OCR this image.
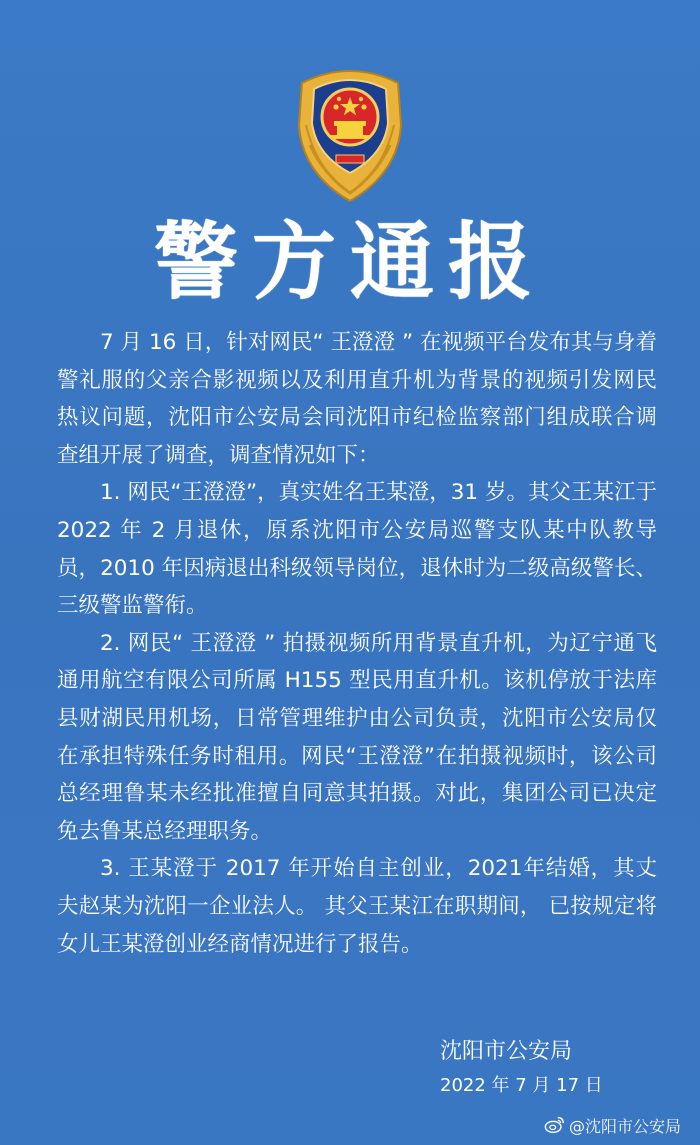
警方通报

7 月 16 日，针对网民“ 王澄澄 ” 在视频平台发布其与身着警礼服的父亲合影视频以及利用直升机为背景的视频引发网民热议问题，沈阳市公安局会同沈阳市纪检监察部门组成联合调查组开展了调查，调查情况如下：

1. 网民“王澄澄”，真实姓名王某澄，31 岁。其父王某江于 2022 年 2 月退休，原系沈阳市公安局巡警支队某中队教导员，2010 年因病退出科级领导岗位，退休时为二级高级警长、三级警监警衔。

2. 网民“ 王澄澄 ” 拍摄视频所用背景直升机，为辽宁通飞通用航空有限公司所属 H155 型民用直升机。该机停放于法库县财湖民用机场，日常管理维护由公司负责，沈阳市公安局仅在承担特殊任务时租用。网民“王澄澄”在拍摄视频时，该公司总经理鲁某未经批准擅自同意其拍摄。对此，集团公司已决定免去鲁某总经理职务。

3. 王某澄于 2017 年开始自主创业，2021年结婚，其丈夫赵某为沈阳一企业法人。 其父王某江在职期间， 已按规定将女儿王某澄创业经商情况进行了报告。

沈阳市公安局
2022 年 7 月 17 日
@沈阳市公安局
